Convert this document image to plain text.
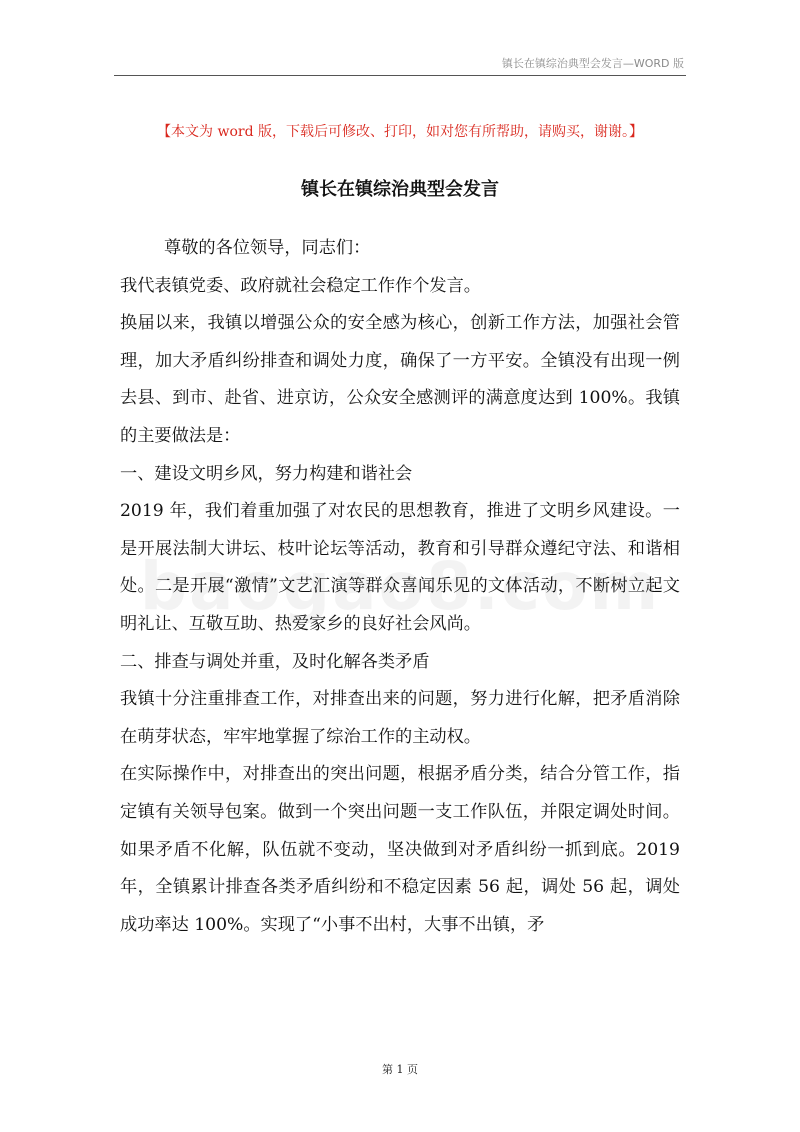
镇长在镇综治典型会发言—WORD 版
【本文为 word 版，下载后可修改、打印，如对您有所帮助，请购买，谢谢。】
镇长在镇综治典型会发言

尊敬的各位领导，同志们：

我代表镇党委、政府就社会稳定工作作个发言。

换届以来，我镇以增强公众的安全感为核心，创新工作方法，加强社会管理，加大矛盾纠纷排查和调处力度，确保了一方平安。全镇没有出现一例去县、到市、赴省、进京访，公众安全感测评的满意度达到 100%。我镇的主要做法是：

一、建设文明乡风，努力构建和谐社会

2019 年，我们着重加强了对农民的思想教育，推进了文明乡风建设。一是开展法制大讲坛、枝叶论坛等活动，教育和引导群众遵纪守法、和谐相处。二是开展“激情”文艺汇演等群众喜闻乐见的文体活动，不断树立起文明礼让、互敬互助、热爱家乡的良好社会风尚。

二、排查与调处并重，及时化解各类矛盾

我镇十分注重排查工作，对排查出来的问题，努力进行化解，把矛盾消除在萌芽状态，牢牢地掌握了综治工作的主动权。

在实际操作中，对排查出的突出问题，根据矛盾分类，结合分管工作，指定镇有关领导包案。做到一个突出问题一支工作队伍，并限定调处时间。如果矛盾不化解，队伍就不变动，坚决做到对矛盾纠纷一抓到底。2019 年，全镇累计排查各类矛盾纠纷和不稳定因素 56 起，调处 56 起，调处成功率达 100%。实现了“小事不出村，大事不出镇，矛

第 1 页
